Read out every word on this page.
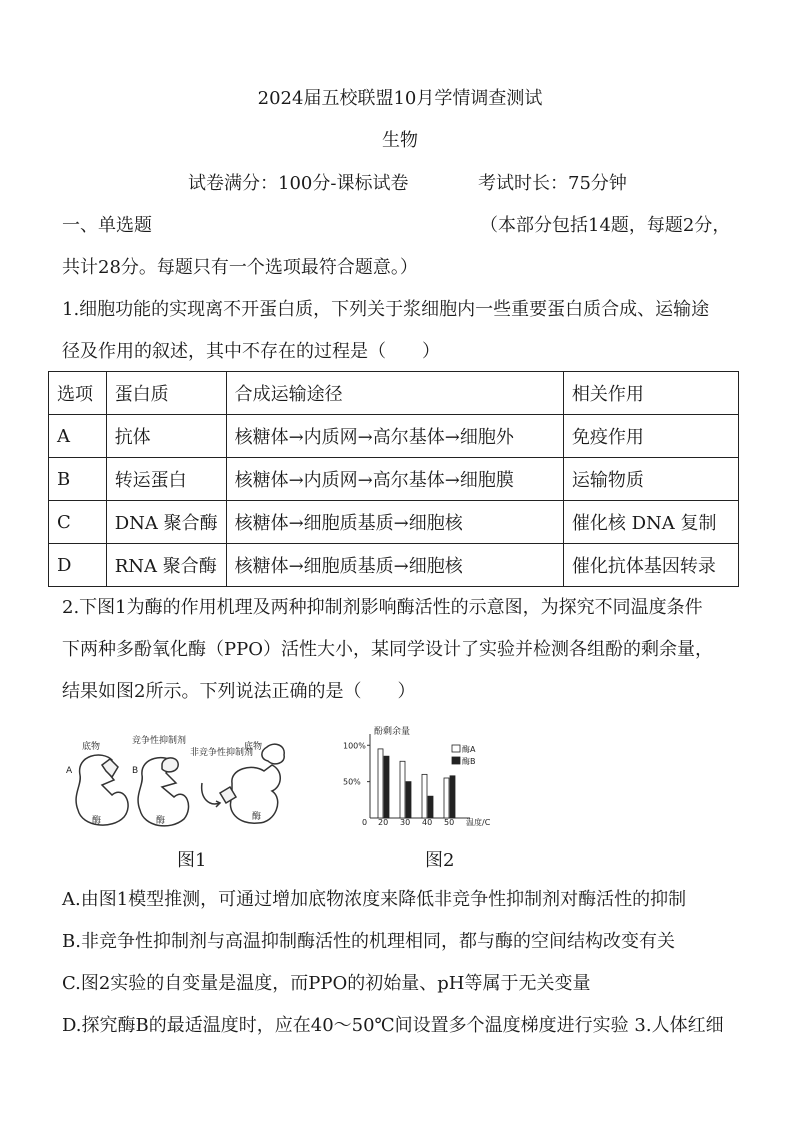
2024届五校联盟10月学情调查测试
生物
试卷满分：100分-课标试卷	考试时长：75分钟
一、单选题	（本部分包括14题，每题2分，
共计28分。每题只有一个选项最符合题意。）
1.细胞功能的实现离不开蛋白质，下列关于浆细胞内一些重要蛋白质合成、运输途
径及作用的叙述，其中不存在的过程是（　　）
选项	蛋白质	合成运输途径	相关作用
A	抗体	核糖体→内质网→高尔基体→细胞外	免疫作用
B	转运蛋白	核糖体→内质网→高尔基体→细胞膜	运输物质
C	DNA 聚合酶	核糖体→细胞质基质→细胞核	催化核 DNA 复制
D	RNA 聚合酶	核糖体→细胞质基质→细胞核	催化抗体基因转录
2.下图1为酶的作用机理及两种抑制剂影响酶活性的示意图，为探究不同温度条件
下两种多酚氧化酶（PPO）活性大小，某同学设计了实验并检测各组酚的剩余量，
结果如图2所示。下列说法正确的是（　　）
底物
A
竞争性抑制剂
B
非竞争性抑制剂
底物
酶	酶	酶
酚剩余量
温度/C
0
100%
50%
20 30 40 50
酶A
酶B
图1	图2
A.由图1模型推测，可通过增加底物浓度来降低非竞争性抑制剂对酶活性的抑制
B.非竞争性抑制剂与高温抑制酶活性的机理相同，都与酶的空间结构改变有关
C.图2实验的自变量是温度，而PPO的初始量、pH等属于无关变量
D.探究酶B的最适温度时，应在40～50℃间设置多个温度梯度进行实验 3.人体红细
